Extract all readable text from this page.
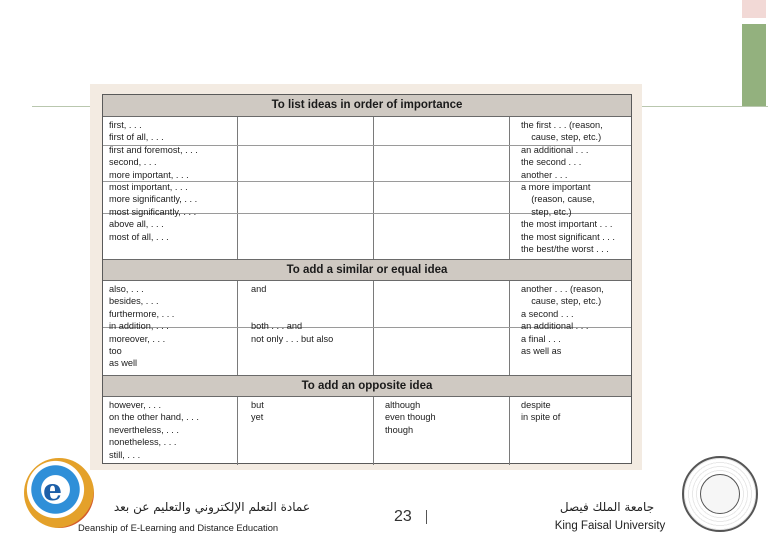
To list ideas in order of importance
first, . . .
first of all, . . .
first and foremost, . . .
second, . . .
more important, . . .
most important, . . .
more significantly, . . .
most significantly, . . .
above all, . . .
most of all, . . .
the first . . . (reason,
cause, step, etc.)
an additional . . .
the second . . .
another . . .
a more important
(reason, cause,
step, etc.)
the most important . . .
the most significant . . .
the best/the worst . . .
To add a similar or equal idea
also, . . .
besides, . . .
furthermore, . . .
in addition, . . .
moreover, . . .
too
as well
and

both . . . and
not only . . . but also
another . . . (reason,
cause, step, etc.)
a second . . .
an additional . . .
a final . . .
as well as
To add an opposite idea
however, . . .
on the other hand, . . .
nevertheless, . . .
nonetheless, . . .
still, . . .
but
yet
although
even though
though
despite
in spite of
e	عمادة التعلم الإلكتروني والتعليم عن بعد
Deanship of E-Learning and Distance Education
23
جامعة الملك فيصل
King Faisal University
